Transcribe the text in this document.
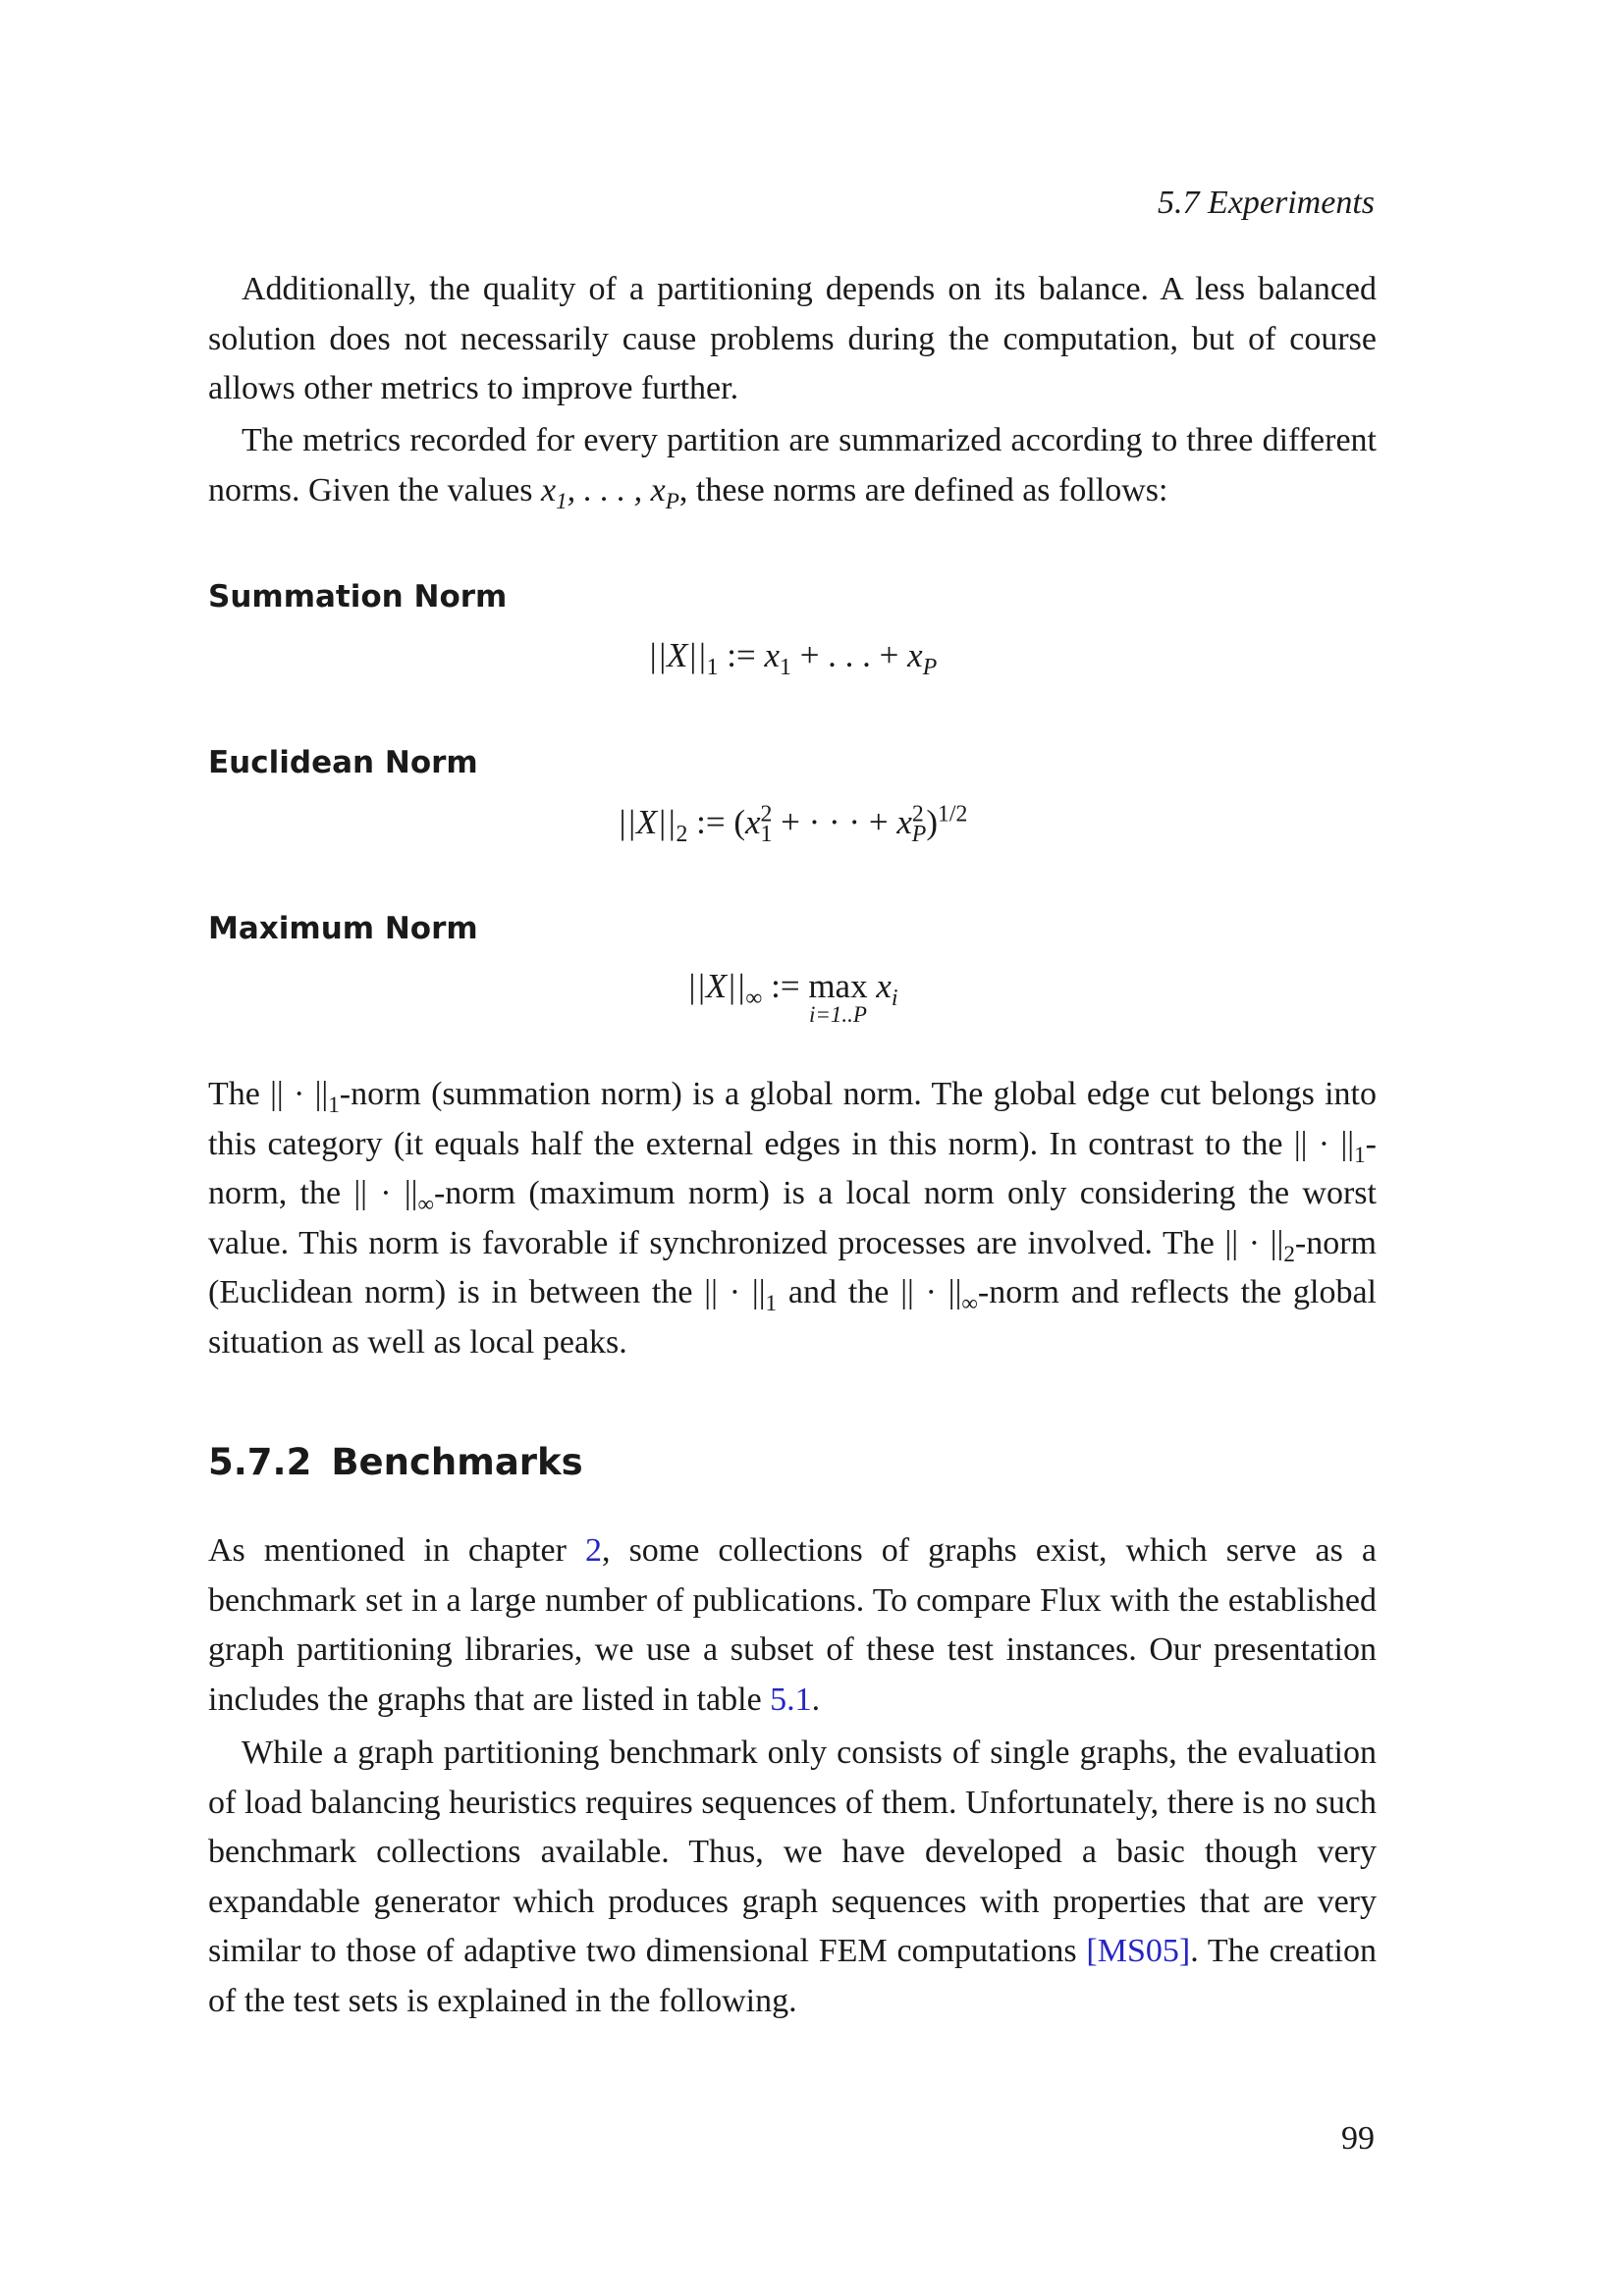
5.7 Experiments

Additionally, the quality of a partitioning depends on its balance. A less balanced solution does not necessarily cause problems during the computation, but of course allows other metrics to improve further.

The metrics recorded for every partition are summarized according to three different norms. Given the values $x_1$, . . . , $x_P$, these norms are defined as follows:

Summation Norm
$||X||_1$ := $x_1$ + . . . + $x_P$
Euclidean Norm
$||X||_2$ := ($x^2_1$ + · · · + $x^2_P)^{1/2}$
Maximum Norm
$||X||_\infty$ := max
i=1..P
$x_i$

The || · $||_1$-norm (summation norm) is a global norm. The global edge cut belongs into this category (it equals half the external edges in this norm). In contrast to the || · $||_1$-norm, the || · $||_\infty$-norm (maximum norm) is a local norm only considering the worst value. This norm is favorable if synchronized processes are involved. The || · $||_2$-norm (Euclidean norm) is in between the || · $||_1$ and the || · $||_\infty$-norm and reflects the global situation as well as local peaks.

5.7.2 Benchmarks

As mentioned in chapter 2, some collections of graphs exist, which serve as a benchmark set in a large number of publications. To compare Flux with the established graph partitioning libraries, we use a subset of these test instances. Our presentation includes the graphs that are listed in table 5.1.

While a graph partitioning benchmark only consists of single graphs, the evaluation of load balancing heuristics requires sequences of them. Unfortunately, there is no such benchmark collections available. Thus, we have developed a basic though very expandable generator which produces graph sequences with properties that are very similar to those of adaptive two dimensional FEM computations [MS05]. The creation of the test sets is explained in the following.

99
